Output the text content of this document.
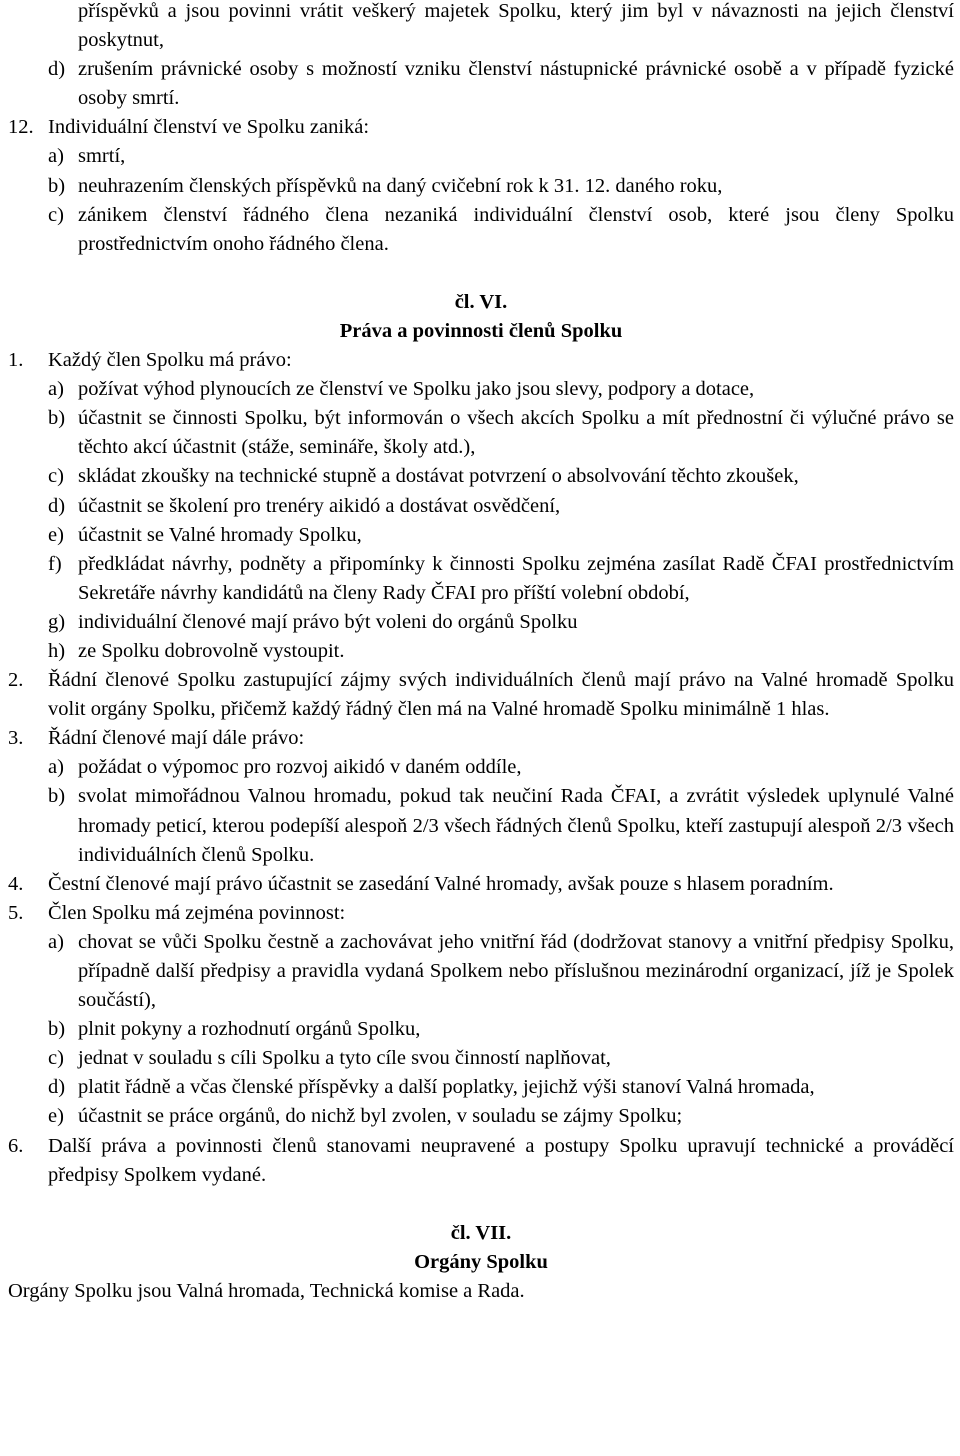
příspěvků a jsou povinni vrátit veškerý majetek Spolku, který jim byl v návaznosti na jejich členství poskytnut,
d) zrušením právnické osoby s možností vzniku členství nástupnické právnické osobě a v případě fyzické osoby smrtí.
12. Individuální členství ve Spolku zaniká:
a) smrtí,
b) neuhrazením členských příspěvků na daný cvičební rok k 31. 12. daného roku,
c) zánikem členství řádného člena nezaniká individuální členství osob, které jsou členy Spolku prostřednictvím onoho řádného člena.
čl. VI.
Práva a povinnosti členů Spolku
1.	Každý člen Spolku má právo:
a) požívat výhod plynoucích ze členství ve Spolku jako jsou slevy, podpory a dotace,
b) účastnit se činnosti Spolku, být informován o všech akcích Spolku a mít přednostní či výlučné právo se těchto akcí účastnit (stáže, semináře, školy atd.),
c) skládat zkoušky na technické stupně a dostávat potvrzení o absolvování těchto zkoušek,
d) účastnit se školení pro trenéry aikidó a dostávat osvědčení,
e) účastnit se Valné hromady Spolku,
f) předkládat návrhy, podněty a připomínky k činnosti Spolku zejména zasílat Radě ČFAI prostřednictvím Sekretáře návrhy kandidátů na členy Rady ČFAI pro příští volební období,
g) individuální členové mají právo být voleni do orgánů Spolku
h) ze Spolku dobrovolně vystoupit.
2.	Řádní členové Spolku zastupující zájmy svých individuálních členů mají právo na Valné hromadě Spolku volit orgány Spolku, přičemž každý řádný člen má na Valné hromadě Spolku minimálně 1 hlas.
3.	Řádní členové mají dále právo:
a) požádat o výpomoc pro rozvoj aikidó v daném oddíle,
b) svolat mimořádnou Valnou hromadu, pokud tak neučiní Rada ČFAI, a zvrátit výsledek uplynulé Valné hromady peticí, kterou podepíší alespoň 2/3 všech řádných členů Spolku, kteří zastupují alespoň 2/3 všech individuálních členů Spolku.
4.	Čestní členové mají právo účastnit se zasedání Valné hromady, avšak pouze s hlasem poradním.
5.	Člen Spolku má zejména povinnost:
a) chovat se vůči Spolku čestně a zachovávat jeho vnitřní řád (dodržovat stanovy a vnitřní předpisy Spolku, případně další předpisy a pravidla vydaná Spolkem nebo příslušnou mezinárodní organizací, jíž je Spolek součástí),
b) plnit pokyny a rozhodnutí orgánů Spolku,
c) jednat v souladu s cíli Spolku a tyto cíle svou činností naplňovat,
d) platit řádně a včas členské příspěvky a další poplatky, jejichž výši stanoví Valná hromada,
e) účastnit se práce orgánů, do nichž byl zvolen, v souladu se zájmy Spolku;
6.	Další práva a povinnosti členů stanovami neupravené a postupy Spolku upravují technické a prováděcí předpisy Spolkem vydané.
čl. VII.
Orgány Spolku
Orgány Spolku jsou Valná hromada, Technická komise a Rada.
